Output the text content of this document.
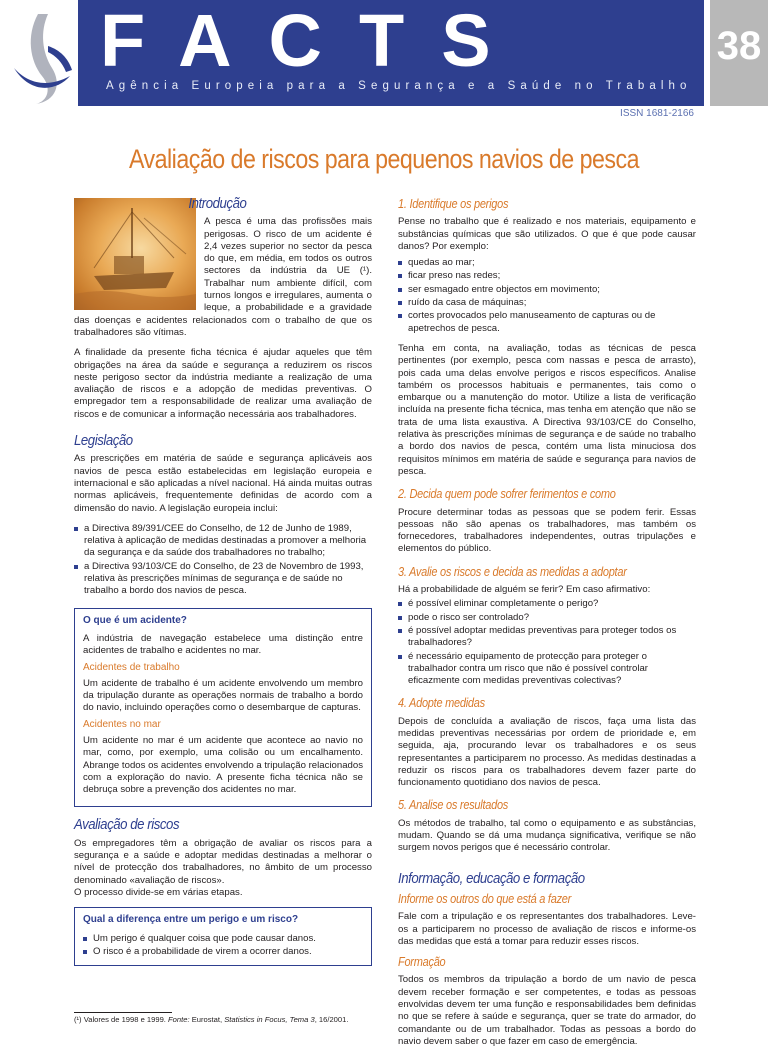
FACTS
Agência Europeia para a Segurança e a Saúde no Trabalho
38
ISSN 1681-2166
Avaliação de riscos para pequenos navios de pesca
Introdução

A pesca é uma das profissões mais perigosas. O risco de um acidente é 2,4 vezes superior no sector da pesca do que, em média, em todos os outros sectores da indústria da UE (¹). Trabalhar num ambiente difícil, com turnos longos e irregulares, aumenta o leque, a probabilidade e a gravidade das doenças e acidentes relacionados com o trabalho de que os trabalhadores são vítimas.

A finalidade da presente ficha técnica é ajudar aqueles que têm obrigações na área da saúde e segurança a reduzirem os riscos neste perigoso sector da indústria mediante a realização de uma avaliação de riscos e a adopção de medidas preventivas. O empregador tem a responsabilidade de realizar uma avaliação de riscos e de comunicar a informação necessária aos trabalhadores.

Legislação

As prescrições em matéria de saúde e segurança aplicáveis aos navios de pesca estão estabelecidas em legislação europeia e internacional e são aplicadas a nível nacional. Há ainda muitas outras normas aplicáveis, frequentemente definidas de acordo com a dimensão do navio. A legislação europeia inclui:

a Directiva 89/391/CEE do Conselho, de 12 de Junho de 1989, relativa à aplicação de medidas destinadas a promover a melhoria da segurança e da saúde dos trabalhadores no trabalho;
a Directiva 93/103/CE do Conselho, de 23 de Novembro de 1993, relativa às prescrições mínimas de segurança e de saúde no trabalho a bordo dos navios de pesca.
O que é um acidente?

A indústria de navegação estabelece uma distinção entre acidentes de trabalho e acidentes no mar.

Acidentes de trabalho

Um acidente de trabalho é um acidente envolvendo um membro da tripulação durante as operações normais de trabalho a bordo do navio, incluindo operações como o desembarque de capturas.

Acidentes no mar

Um acidente no mar é um acidente que acontece ao navio no mar, como, por exemplo, uma colisão ou um encalhamento. Abrange todos os acidentes envolvendo a tripulação relacionados com a exploração do navio. A presente ficha técnica não se debruça sobre a prevenção dos acidentes no mar.

Avaliação de riscos

Os empregadores têm a obrigação de avaliar os riscos para a segurança e a saúde e adoptar medidas destinadas a melhorar o nível de protecção dos trabalhadores, no âmbito de um processo denominado «avaliação de riscos».

O processo divide-se em várias etapas.

Qual a diferença entre um perigo e um risco?
Um perigo é qualquer coisa que pode causar danos.
O risco é a probabilidade de virem a ocorrer danos.
(¹) Valores de 1998 e 1999. Fonte: Eurostat, Statistics in Focus, Tema 3, 16/2001.
1. Identifique os perigos

Pense no trabalho que é realizado e nos materiais, equipamento e substâncias químicas que são utilizados. O que é que pode causar danos? Por exemplo:

quedas ao mar;
ficar preso nas redes;
ser esmagado entre objectos em movimento;
ruído da casa de máquinas;
cortes provocados pelo manuseamento de capturas ou de apetrechos de pesca.

Tenha em conta, na avaliação, todas as técnicas de pesca pertinentes (por exemplo, pesca com nassas e pesca de arrasto), pois cada uma delas envolve perigos e riscos específicos. Analise também os processos habituais e permanentes, tais como o embarque ou a manutenção do motor. Utilize a lista de verificação incluída na presente ficha técnica, mas tenha em atenção que não se trata de uma lista exaustiva. A Directiva 93/103/CE do Conselho, relativa às prescrições mínimas de segurança e de saúde no trabalho a bordo dos navios de pesca, contém uma lista minuciosa dos requisitos mínimos em matéria de saúde e segurança para navios de pesca.

2. Decida quem pode sofrer ferimentos e como

Procure determinar todas as pessoas que se podem ferir. Essas pessoas não são apenas os trabalhadores, mas também os fornecedores, trabalhadores independentes, outras tripulações e elementos do público.

3. Avalie os riscos e decida as medidas a adoptar

Há a probabilidade de alguém se ferir? Em caso afirmativo:

é possível eliminar completamente o perigo?
pode o risco ser controlado?
é possível adoptar medidas preventivas para proteger todos os trabalhadores?
é necessário equipamento de protecção para proteger o trabalhador contra um risco que não é possível controlar eficazmente com medidas preventivas colectivas?
4. Adopte medidas

Depois de concluída a avaliação de riscos, faça uma lista das medidas preventivas necessárias por ordem de prioridade e, em seguida, aja, procurando levar os trabalhadores e os seus representantes a participarem no processo. As medidas destinadas a reduzir os riscos para os trabalhadores devem fazer parte do funcionamento quotidiano dos navios de pesca.

5. Analise os resultados

Os métodos de trabalho, tal como o equipamento e as substâncias, mudam. Quando se dá uma mudança significativa, verifique se não surgem novos perigos que é necessário controlar.

Informação, educação e formação
Informe os outros do que está a fazer

Fale com a tripulação e os representantes dos trabalhadores. Leve-os a participarem no processo de avaliação de riscos e informe-os das medidas que está a tomar para reduzir esses riscos.

Formação

Todos os membros da tripulação a bordo de um navio de pesca devem receber formação e ser competentes, e todas as pessoas envolvidas devem ter uma função e responsabilidades bem definidas no que se refere à saúde e segurança, quer se trate do armador, do comandante ou de um trabalhador. Todas as pessoas a bordo do navio devem saber o que fazer em caso de emergência.
